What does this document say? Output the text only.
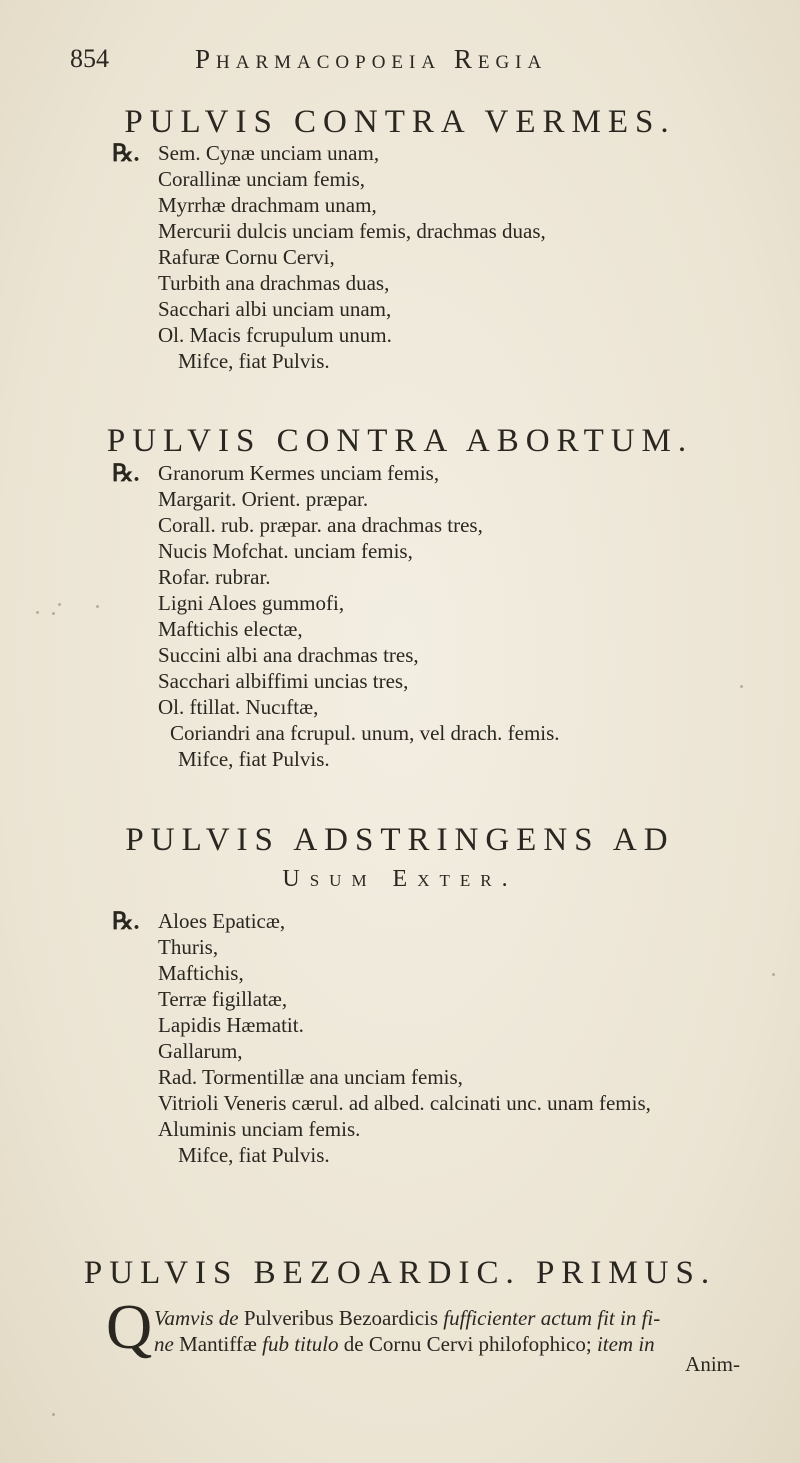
854	Pharmacopoeia Regia
PULVIS CONTRA VERMES.
℞. Sem. Cynæ unciam unam,
Corallinæ unciam femis,
Myrrhæ drachmam unam,
Mercurii dulcis unciam femis, drachmas duas,
Rafuræ Cornu Cervi,
Turbith ana drachmas duas,
Sacchari albi unciam unam,
Ol. Macis fcrupulum unum.
Mifce, fiat Pulvis.
PULVIS CONTRA ABORTUM.
℞. Granorum Kermes unciam femis,
Margarit. Orient. præpar.
Corall. rub. præpar. ana drachmas tres,
Nucis Mofchat. unciam femis,
Rofar. rubrar.
Ligni Aloes gummofi,
Maftichis electæ,
Succini albi ana drachmas tres,
Sacchari albiffimi uncias tres,
Ol. ftillat. Nucıftæ,
Coriandri ana fcrupul. unum, vel drach. femis.
Mifce, fiat Pulvis.
PULVIS ADSTRINGENS AD
Usum Exter.
℞. Aloes Epaticæ,
Thuris,
Maftichis,
Terræ figillatæ,
Lapidis Hæmatit.
Gallarum,
Rad. Tormentillæ ana unciam femis,
Vitrioli Veneris cærul. ad albed. calcinati unc. unam femis,
Aluminis unciam femis.
Mifce, fiat Pulvis.
PULVIS BEZOARDIC. PRIMUS.
Q Vamvis de Pulveribus Bezoardicis fufficienter actum fit in fi-
ne Mantiffæ fub titulo de Cornu Cervi philofophico; item in
Anim-
